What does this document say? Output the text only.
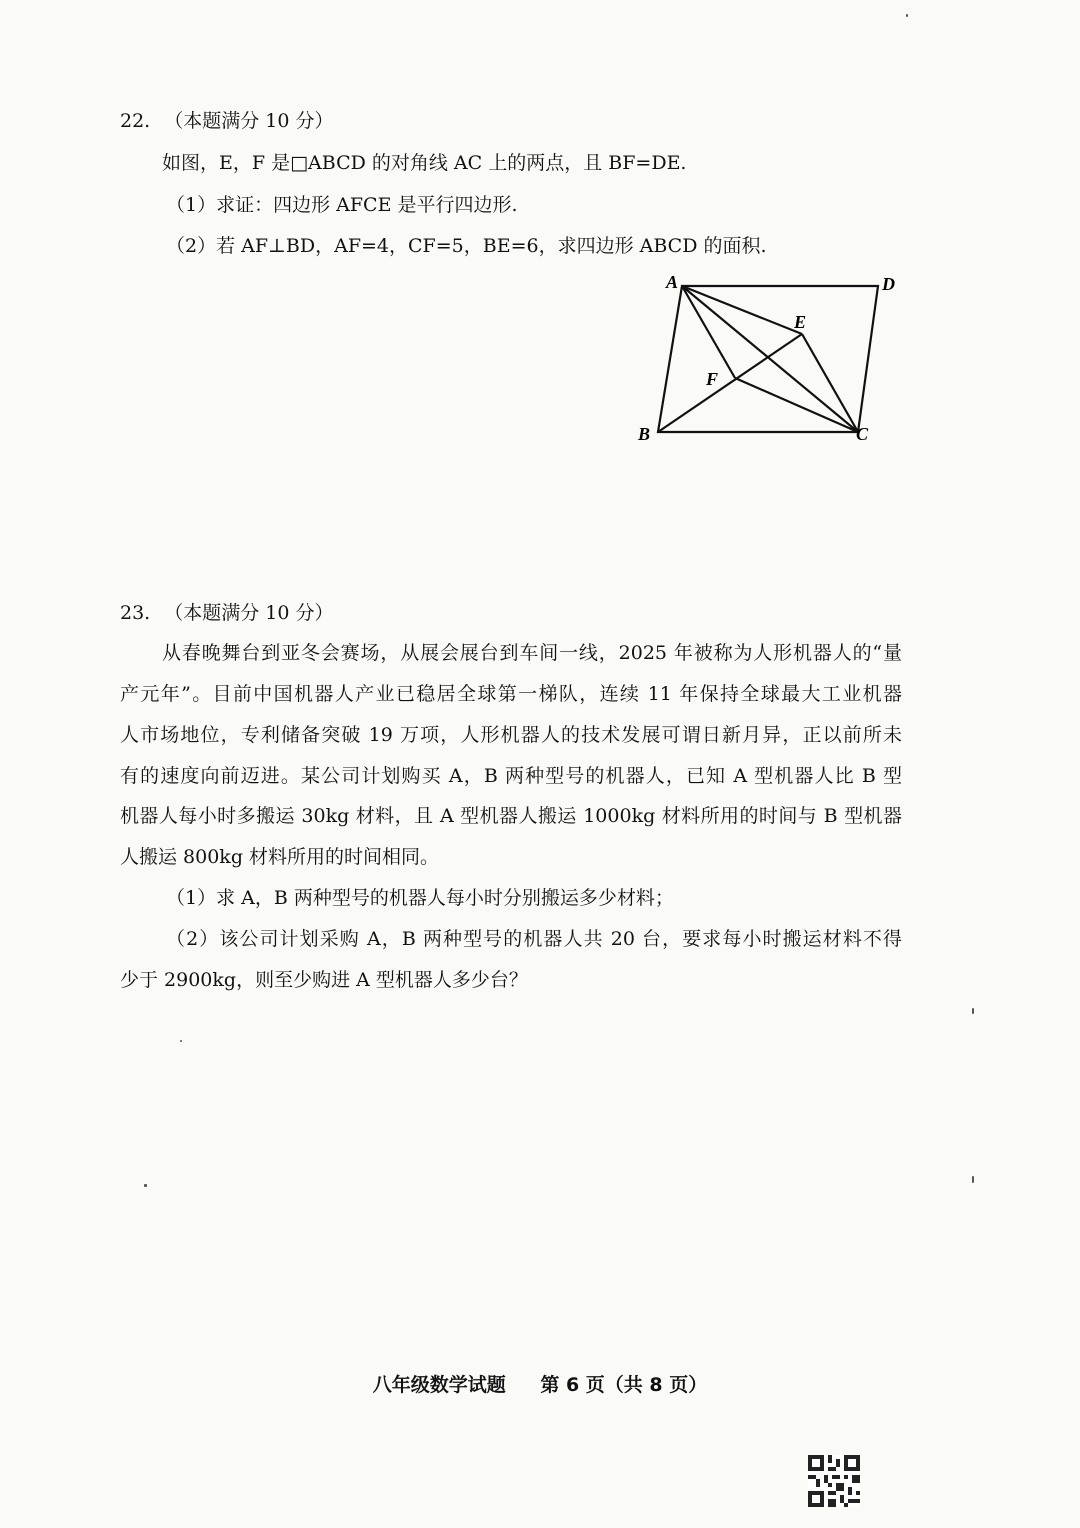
22. （本题满分 10 分）
如图，E，F 是□ABCD 的对角线 AC 上的两点，且 BF=DE.
（1）求证：四边形 AFCE 是平行四边形.
（2）若 AF⊥BD，AF=4，CF=5，BE=6，求四边形 ABCD 的面积.
A	D
E
F
B	C
23. （本题满分 10 分）
从春晚舞台到亚冬会赛场，从展会展台到车间一线，2025 年被称为人形机器人的“量
产元年”。目前中国机器人产业已稳居全球第一梯队，连续 11 年保持全球最大工业机器
人市场地位，专利储备突破 19 万项，人形机器人的技术发展可谓日新月异，正以前所未
有的速度向前迈进。某公司计划购买 A，B 两种型号的机器人，已知 A 型机器人比 B 型
机器人每小时多搬运 30kg 材料，且 A 型机器人搬运 1000kg 材料所用的时间与 B 型机器
人搬运 800kg 材料所用的时间相同。
（1）求 A，B 两种型号的机器人每小时分别搬运多少材料；
（2）该公司计划采购 A，B 两种型号的机器人共 20 台，要求每小时搬运材料不得
少于 2900kg，则至少购进 A 型机器人多少台？
八年级数学试题 第 6 页（共 8 页）
